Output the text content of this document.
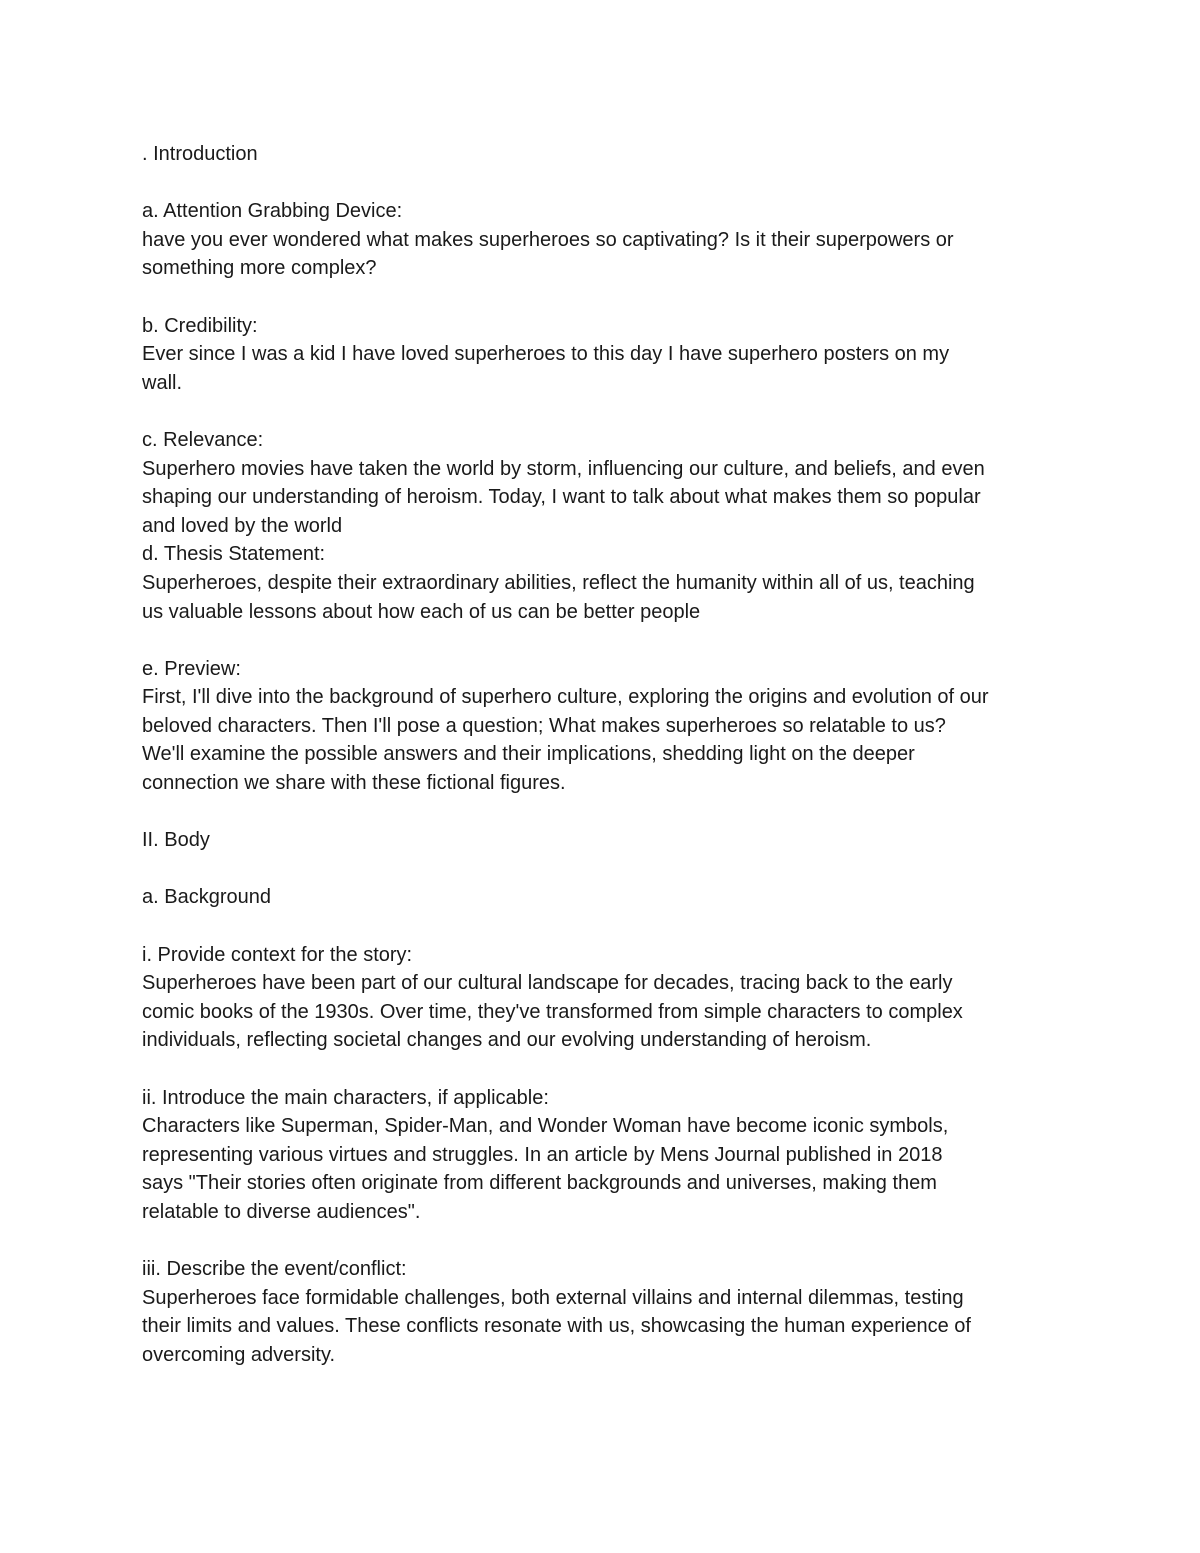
. Introduction
a. Attention Grabbing Device:
have you ever wondered what makes superheroes so captivating? Is it their superpowers or
something more complex?
b. Credibility:
Ever since I was a kid I have loved superheroes to this day I have superhero posters on my
wall.
c. Relevance:
Superhero movies have taken the world by storm, influencing our culture, and beliefs, and even
shaping our understanding of heroism. Today, I want to talk about what makes them so popular
and loved by the world
d. Thesis Statement:
Superheroes, despite their extraordinary abilities, reflect the humanity within all of us, teaching
us valuable lessons about how each of us can be better people
e. Preview:
First, I'll dive into the background of superhero culture, exploring the origins and evolution of our
beloved characters. Then I'll pose a question; What makes superheroes so relatable to us?
We'll examine the possible answers and their implications, shedding light on the deeper
connection we share with these fictional figures.
II. Body
a. Background
i. Provide context for the story:
Superheroes have been part of our cultural landscape for decades, tracing back to the early
comic books of the 1930s. Over time, they've transformed from simple characters to complex
individuals, reflecting societal changes and our evolving understanding of heroism.
ii. Introduce the main characters, if applicable:
Characters like Superman, Spider-Man, and Wonder Woman have become iconic symbols,
representing various virtues and struggles. In an article by Mens Journal published in 2018
says "Their stories often originate from different backgrounds and universes, making them
relatable to diverse audiences".
iii. Describe the event/conflict:
Superheroes face formidable challenges, both external villains and internal dilemmas, testing
their limits and values. These conflicts resonate with us, showcasing the human experience of
overcoming adversity.
